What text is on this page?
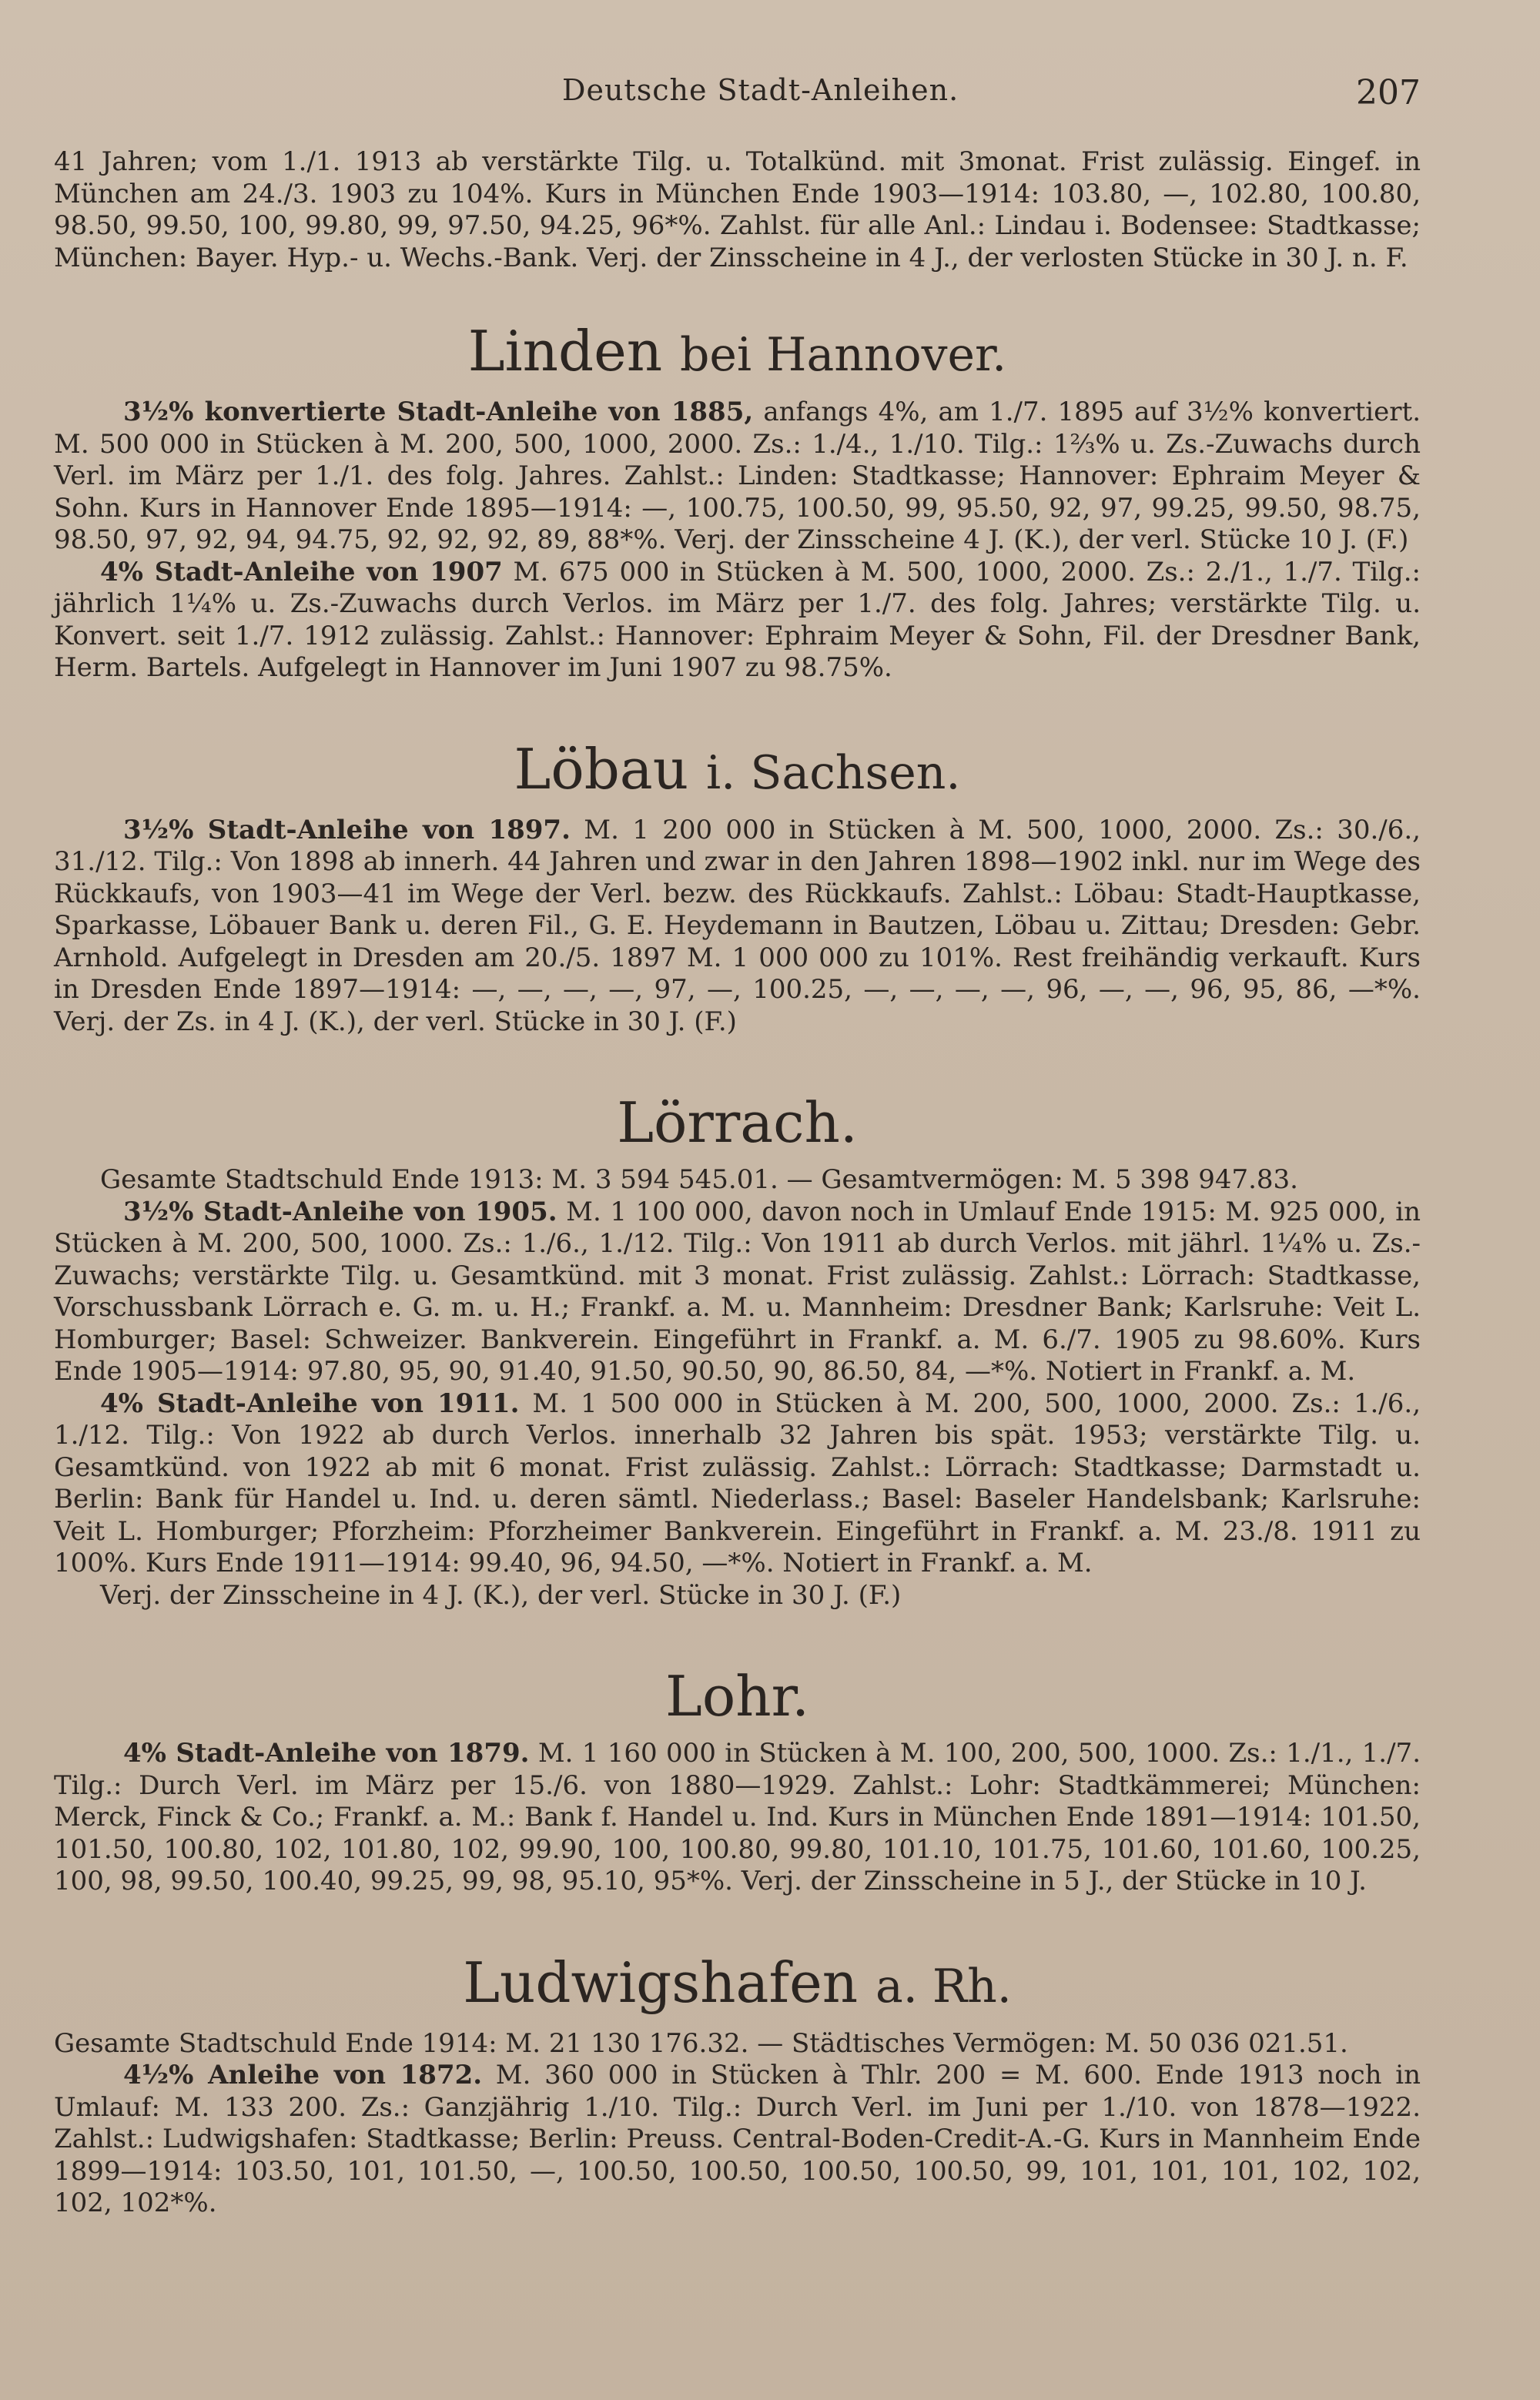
Deutsche Stadt-Anleihen.	207

41 Jahren; vom 1./1. 1913 ab verstärkte Tilg. u. Totalkünd. mit 3monat. Frist zulässig. Eingef. in München am 24./3. 1903 zu 104%. Kurs in München Ende 1903—1914: 103.80, —, 102.80, 100.80, 98.50, 99.50, 100, 99.80, 99, 97.50, 94.25, 96*%. Zahlst. für alle Anl.: Lindau i. Bodensee: Stadtkasse; München: Bayer. Hyp.- u. Wechs.-Bank. Verj. der Zinsscheine in 4 J., der verlosten Stücke in 30 J. n. F.

Linden bei Hannover.

3½% konvertierte Stadt-Anleihe von 1885, anfangs 4%, am 1./7. 1895 auf 3½% konvertiert. M. 500 000 in Stücken à M. 200, 500, 1000, 2000. Zs.: 1./4., 1./10. Tilg.: 1⅔% u. Zs.-Zuwachs durch Verl. im März per 1./1. des folg. Jahres. Zahlst.: Linden: Stadtkasse; Hannover: Ephraim Meyer & Sohn. Kurs in Hannover Ende 1895—1914: —, 100.75, 100.50, 99, 95.50, 92, 97, 99.25, 99.50, 98.75, 98.50, 97, 92, 94, 94.75, 92, 92, 92, 89, 88*%. Verj. der Zinsscheine 4 J. (K.), der verl. Stücke 10 J. (F.)

4% Stadt-Anleihe von 1907 M. 675 000 in Stücken à M. 500, 1000, 2000. Zs.: 2./1., 1./7. Tilg.: jährlich 1¼% u. Zs.-Zuwachs durch Verlos. im März per 1./7. des folg. Jahres; verstärkte Tilg. u. Konvert. seit 1./7. 1912 zulässig. Zahlst.: Hannover: Ephraim Meyer & Sohn, Fil. der Dresdner Bank, Herm. Bartels. Aufgelegt in Hannover im Juni 1907 zu 98.75%.

Löbau i. Sachsen.

3½% Stadt-Anleihe von 1897. M. 1 200 000 in Stücken à M. 500, 1000, 2000. Zs.: 30./6., 31./12. Tilg.: Von 1898 ab innerh. 44 Jahren und zwar in den Jahren 1898—1902 inkl. nur im Wege des Rückkaufs, von 1903—41 im Wege der Verl. bezw. des Rückkaufs. Zahlst.: Löbau: Stadt-Hauptkasse, Sparkasse, Löbauer Bank u. deren Fil., G. E. Heydemann in Bautzen, Löbau u. Zittau; Dresden: Gebr. Arnhold. Aufgelegt in Dresden am 20./5. 1897 M. 1 000 000 zu 101%. Rest freihändig verkauft. Kurs in Dresden Ende 1897—1914: —, —, —, —, 97, —, 100.25, —, —, —, —, 96, —, —, 96, 95, 86, —*%. Verj. der Zs. in 4 J. (K.), der verl. Stücke in 30 J. (F.)

Lörrach.

Gesamte Stadtschuld Ende 1913: M. 3 594 545.01. — Gesamtvermögen: M. 5 398 947.83.

3½% Stadt-Anleihe von 1905. M. 1 100 000, davon noch in Umlauf Ende 1915: M. 925 000, in Stücken à M. 200, 500, 1000. Zs.: 1./6., 1./12. Tilg.: Von 1911 ab durch Verlos. mit jährl. 1¼% u. Zs.-Zuwachs; verstärkte Tilg. u. Gesamtkünd. mit 3 monat. Frist zulässig. Zahlst.: Lörrach: Stadtkasse, Vorschussbank Lörrach e. G. m. u. H.; Frankf. a. M. u. Mannheim: Dresdner Bank; Karlsruhe: Veit L. Homburger; Basel: Schweizer. Bankverein. Eingeführt in Frankf. a. M. 6./7. 1905 zu 98.60%. Kurs Ende 1905—1914: 97.80, 95, 90, 91.40, 91.50, 90.50, 90, 86.50, 84, —*%. Notiert in Frankf. a. M.

4% Stadt-Anleihe von 1911. M. 1 500 000 in Stücken à M. 200, 500, 1000, 2000. Zs.: 1./6., 1./12. Tilg.: Von 1922 ab durch Verlos. innerhalb 32 Jahren bis spät. 1953; verstärkte Tilg. u. Gesamtkünd. von 1922 ab mit 6 monat. Frist zulässig. Zahlst.: Lörrach: Stadtkasse; Darmstadt u. Berlin: Bank für Handel u. Ind. u. deren sämtl. Niederlass.; Basel: Baseler Handelsbank; Karlsruhe: Veit L. Homburger; Pforzheim: Pforzheimer Bankverein. Eingeführt in Frankf. a. M. 23./8. 1911 zu 100%. Kurs Ende 1911—1914: 99.40, 96, 94.50, —*%. Notiert in Frankf. a. M.

Verj. der Zinsscheine in 4 J. (K.), der verl. Stücke in 30 J. (F.)

Lohr.

4% Stadt-Anleihe von 1879. M. 1 160 000 in Stücken à M. 100, 200, 500, 1000. Zs.: 1./1., 1./7. Tilg.: Durch Verl. im März per 15./6. von 1880—1929. Zahlst.: Lohr: Stadtkämmerei; München: Merck, Finck & Co.; Frankf. a. M.: Bank f. Handel u. Ind. Kurs in München Ende 1891—1914: 101.50, 101.50, 100.80, 102, 101.80, 102, 99.90, 100, 100.80, 99.80, 101.10, 101.75, 101.60, 101.60, 100.25, 100, 98, 99.50, 100.40, 99.25, 99, 98, 95.10, 95*%. Verj. der Zinsscheine in 5 J., der Stücke in 10 J.

Ludwigshafen a. Rh.

Gesamte Stadtschuld Ende 1914: M. 21 130 176.32. — Städtisches Vermögen: M. 50 036 021.51.

4½% Anleihe von 1872. M. 360 000 in Stücken à Thlr. 200 = M. 600. Ende 1913 noch in Umlauf: M. 133 200. Zs.: Ganzjährig 1./10. Tilg.: Durch Verl. im Juni per 1./10. von 1878—1922. Zahlst.: Ludwigshafen: Stadtkasse; Berlin: Preuss. Central-Boden-Credit-A.-G. Kurs in Mannheim Ende 1899—1914: 103.50, 101, 101.50, —, 100.50, 100.50, 100.50, 100.50, 99, 101, 101, 101, 102, 102, 102, 102*%.
